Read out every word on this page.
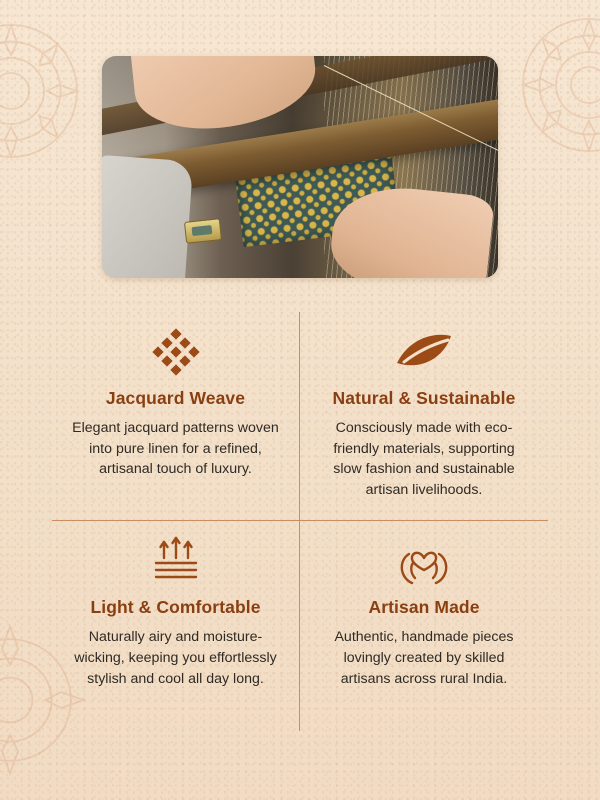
Jacquard Weave

Elegant jacquard patterns woven into pure linen for a refined, artisanal touch of luxury.

Natural & Sustainable

Consciously made with eco-friendly materials, supporting slow fashion and sustainable artisan livelihoods.

Light & Comfortable

Naturally airy and moisture-wicking, keeping you effortlessly stylish and cool all day long.

Artisan Made

Authentic, handmade pieces lovingly created by skilled artisans across rural India.
